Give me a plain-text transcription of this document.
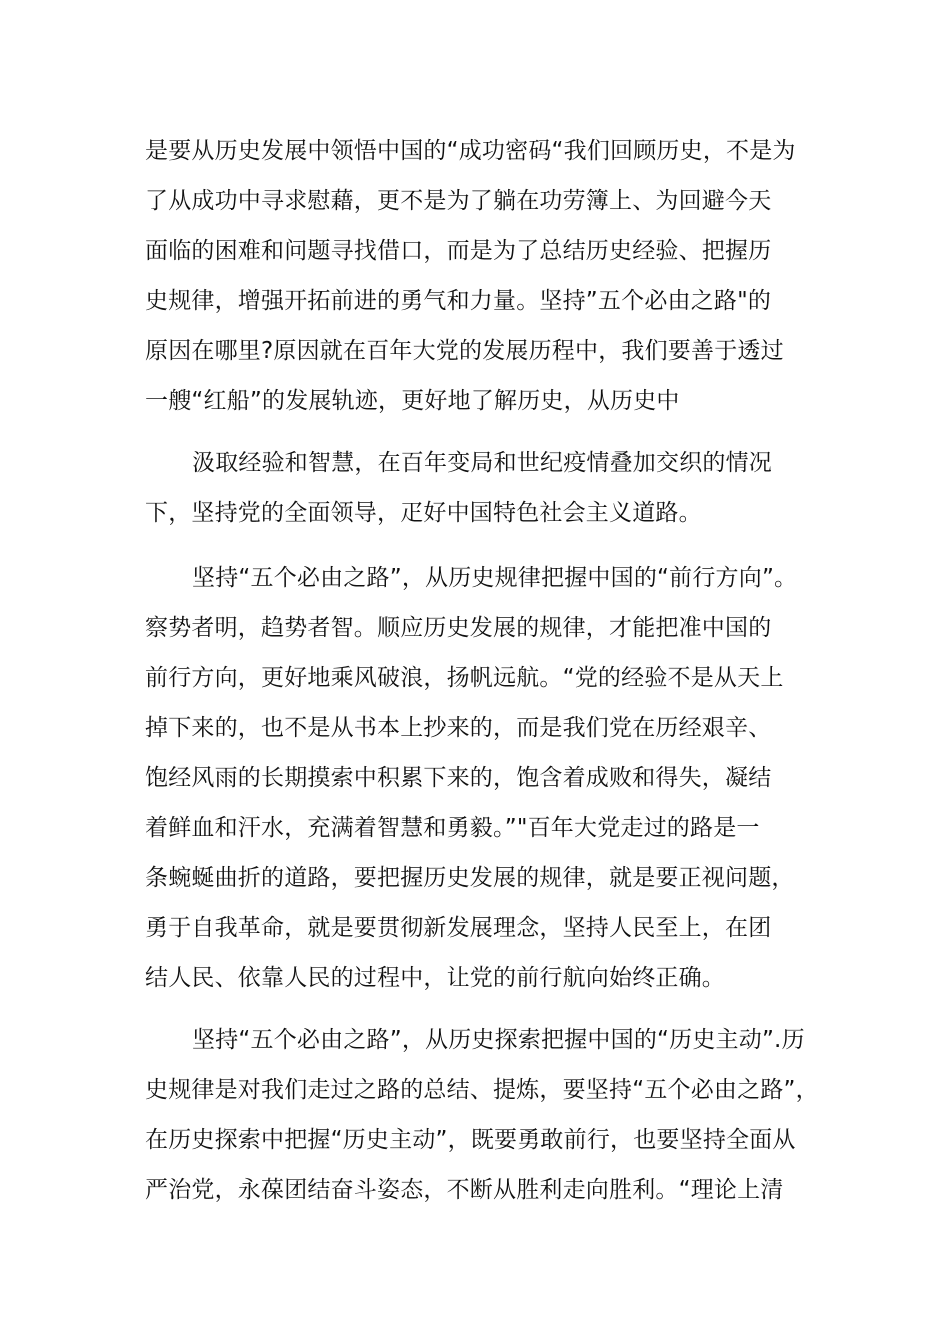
是要从历史发展中领悟中国的“成功密码“我们回顾历史，不是为
了从成功中寻求慰藉，更不是为了躺在功劳簿上、为回避今天
面临的困难和问题寻找借口，而是为了总结历史经验、把握历
史规律，增强开拓前进的勇气和力量。坚持”五个必由之路"的
原因在哪里?原因就在百年大党的发展历程中，我们要善于透过
一艘“红船”的发展轨迹，更好地了解历史，从历史中
汲取经验和智慧，在百年变局和世纪疫情叠加交织的情况
下，坚持党的全面领导，疋好中国特色社会主义道路。
坚持“五个必由之路”，从历史规律把握中国的“前行方向”。
察势者明，趋势者智。顺应历史发展的规律，才能把准中国的
前行方向，更好地乘风破浪，扬帆远航。“党的经验不是从天上
掉下来的，也不是从书本上抄来的，而是我们党在历经艰辛、
饱经风雨的长期摸索中积累下来的，饱含着成败和得失，凝结
着鲜血和汗水，充满着智慧和勇毅。”"百年大党走过的路是一
条蜿蜒曲折的道路，要把握历史发展的规律，就是要正视问题，
勇于自我革命，就是要贯彻新发展理念，坚持人民至上，在团
结人民、依靠人民的过程中，让党的前行航向始终正确。
坚持“五个必由之路”，从历史探索把握中国的“历史主动”.历
史规律是对我们走过之路的总结、提炼，要坚持“五个必由之路”，
在历史探索中把握“历史主动”，既要勇敢前行，也要坚持全面从
严治党，永葆团结奋斗姿态，不断从胜利走向胜利。“理论上清
